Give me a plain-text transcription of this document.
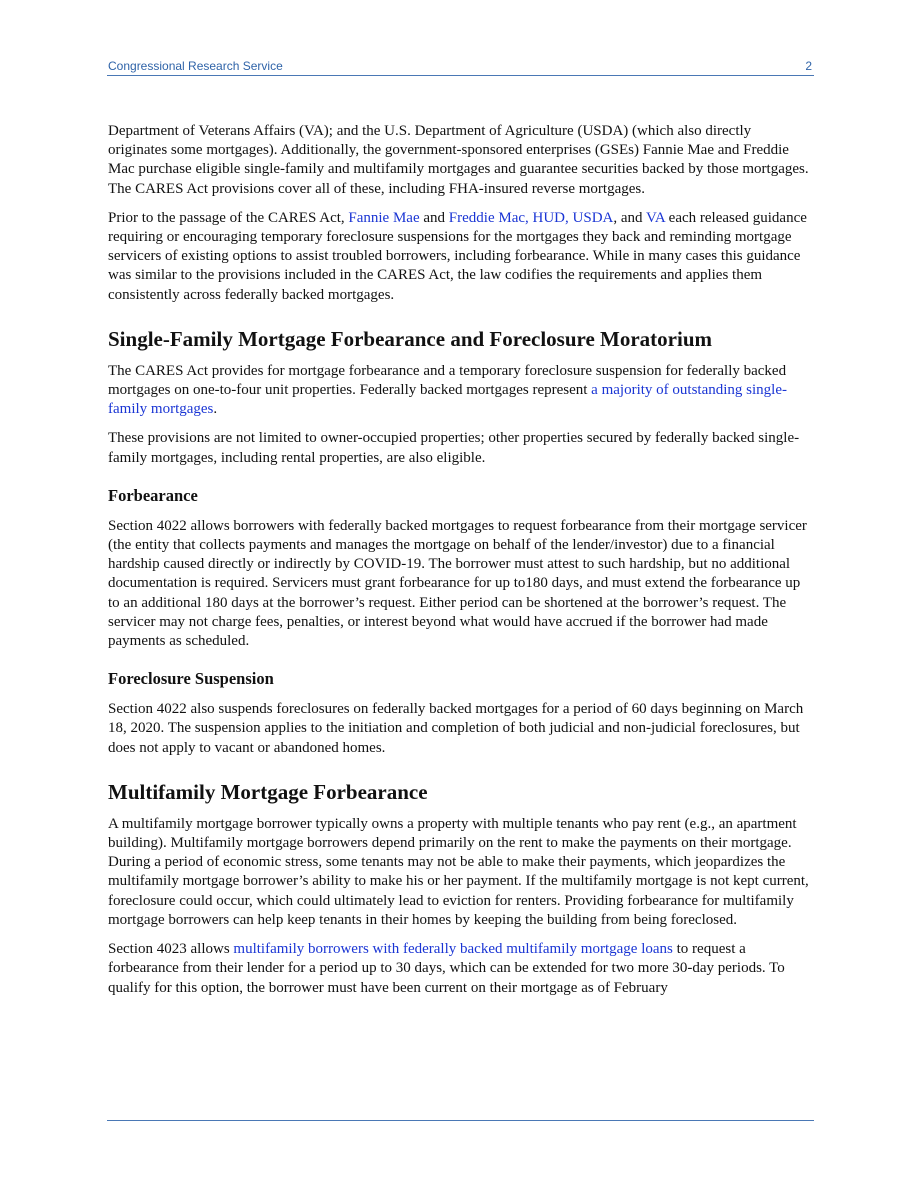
Congressional Research Service	2

Department of Veterans Affairs (VA); and the U.S. Department of Agriculture (USDA) (which also directly originates some mortgages). Additionally, the government-sponsored enterprises (GSEs) Fannie Mae and Freddie Mac purchase eligible single-family and multifamily mortgages and guarantee securities backed by those mortgages. The CARES Act provisions cover all of these, including FHA-insured reverse mortgages.

Prior to the passage of the CARES Act, Fannie Mae and Freddie Mac, HUD, USDA, and VA each released guidance requiring or encouraging temporary foreclosure suspensions for the mortgages they back and reminding mortgage servicers of existing options to assist troubled borrowers, including forbearance. While in many cases this guidance was similar to the provisions included in the CARES Act, the law codifies the requirements and applies them consistently across federally backed mortgages.

Single-Family Mortgage Forbearance and Foreclosure Moratorium

The CARES Act provides for mortgage forbearance and a temporary foreclosure suspension for federally backed mortgages on one-to-four unit properties. Federally backed mortgages represent a majority of outstanding single-family mortgages.

These provisions are not limited to owner-occupied properties; other properties secured by federally backed single-family mortgages, including rental properties, are also eligible.

Forbearance

Section 4022 allows borrowers with federally backed mortgages to request forbearance from their mortgage servicer (the entity that collects payments and manages the mortgage on behalf of the lender/investor) due to a financial hardship caused directly or indirectly by COVID-19. The borrower must attest to such hardship, but no additional documentation is required. Servicers must grant forbearance for up to180 days, and must extend the forbearance up to an additional 180 days at the borrower’s request. Either period can be shortened at the borrower’s request. The servicer may not charge fees, penalties, or interest beyond what would have accrued if the borrower had made payments as scheduled.

Foreclosure Suspension

Section 4022 also suspends foreclosures on federally backed mortgages for a period of 60 days beginning on March 18, 2020. The suspension applies to the initiation and completion of both judicial and non-judicial foreclosures, but does not apply to vacant or abandoned homes.

Multifamily Mortgage Forbearance

A multifamily mortgage borrower typically owns a property with multiple tenants who pay rent (e.g., an apartment building). Multifamily mortgage borrowers depend primarily on the rent to make the payments on their mortgage. During a period of economic stress, some tenants may not be able to make their payments, which jeopardizes the multifamily mortgage borrower’s ability to make his or her payment. If the multifamily mortgage is not kept current, foreclosure could occur, which could ultimately lead to eviction for renters. Providing forbearance for multifamily mortgage borrowers can help keep tenants in their homes by keeping the building from being foreclosed.

Section 4023 allows multifamily borrowers with federally backed multifamily mortgage loans to request a forbearance from their lender for a period up to 30 days, which can be extended for two more 30-day periods. To qualify for this option, the borrower must have been current on their mortgage as of February
